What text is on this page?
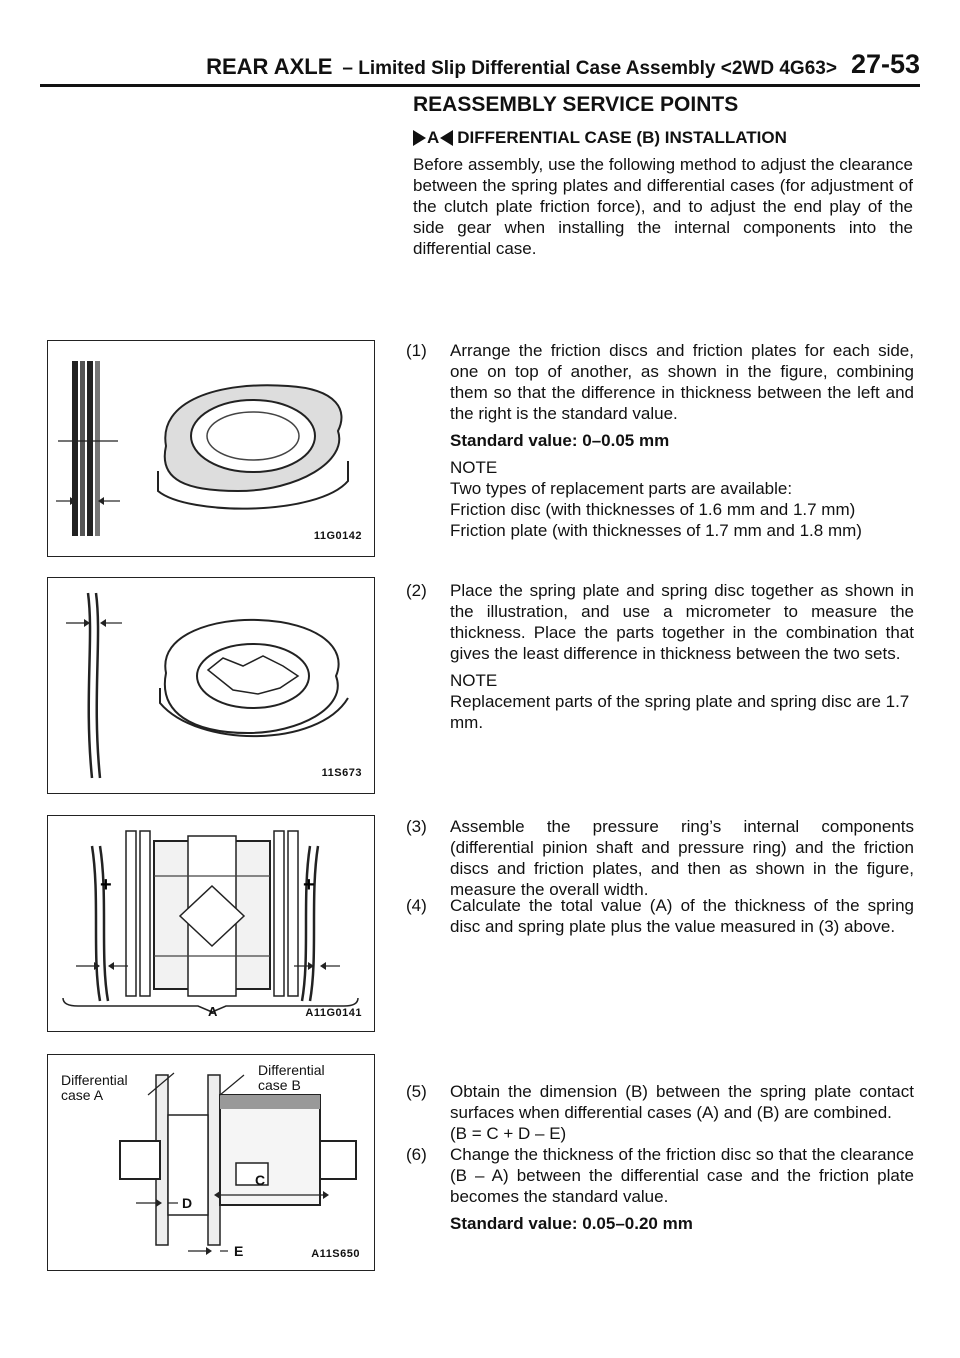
REAR AXLE – Limited Slip Differential Case Assembly <2WD 4G63> 27-53
REASSEMBLY SERVICE POINTS
A DIFFERENTIAL CASE (B) INSTALLATION
Before assembly, use the following method to adjust the clearance between the spring plates and differential cases (for adjustment of the clutch plate friction force), and to adjust the end play of the side gear when installing the internal components into the differential case.
(1) Arrange the friction discs and friction plates for each side, one on top of another, as shown in the figure, combining them so that the difference in thickness between the left and the right is the standard value.
Standard value: 0–0.05 mm
NOTE
Two types of replacement parts are available:
Friction disc (with thicknesses of 1.6 mm and 1.7 mm)
Friction plate (with thicknesses of 1.7 mm and 1.8 mm)
(2) Place the spring plate and spring disc together as shown in the illustration, and use a micrometer to measure the thickness. Place the parts together in the combination that gives the least difference in thickness between the two sets.
NOTE
Replacement parts of the spring plate and spring disc are 1.7 mm.
(3) Assemble the pressure ring’s internal components (differential pinion shaft and pressure ring) and the friction discs and friction plates, and then as shown in the figure, measure the overall width.
(4) Calculate the total value (A) of the thickness of the spring disc and spring plate plus the value measured in (3) above.
(5) Obtain the dimension (B) between the spring plate contact surfaces when differential cases (A) and (B) are combined.
(B = C + D – E)
(6) Change the thickness of the friction disc so that the clearance (B – A) between the differential case and the friction plate becomes the standard value.
Standard value: 0.05–0.20 mm
11G0142
11S673
+	+
A	A11G0141
Differential case A
Differential case B
C
D
E	A11S650
